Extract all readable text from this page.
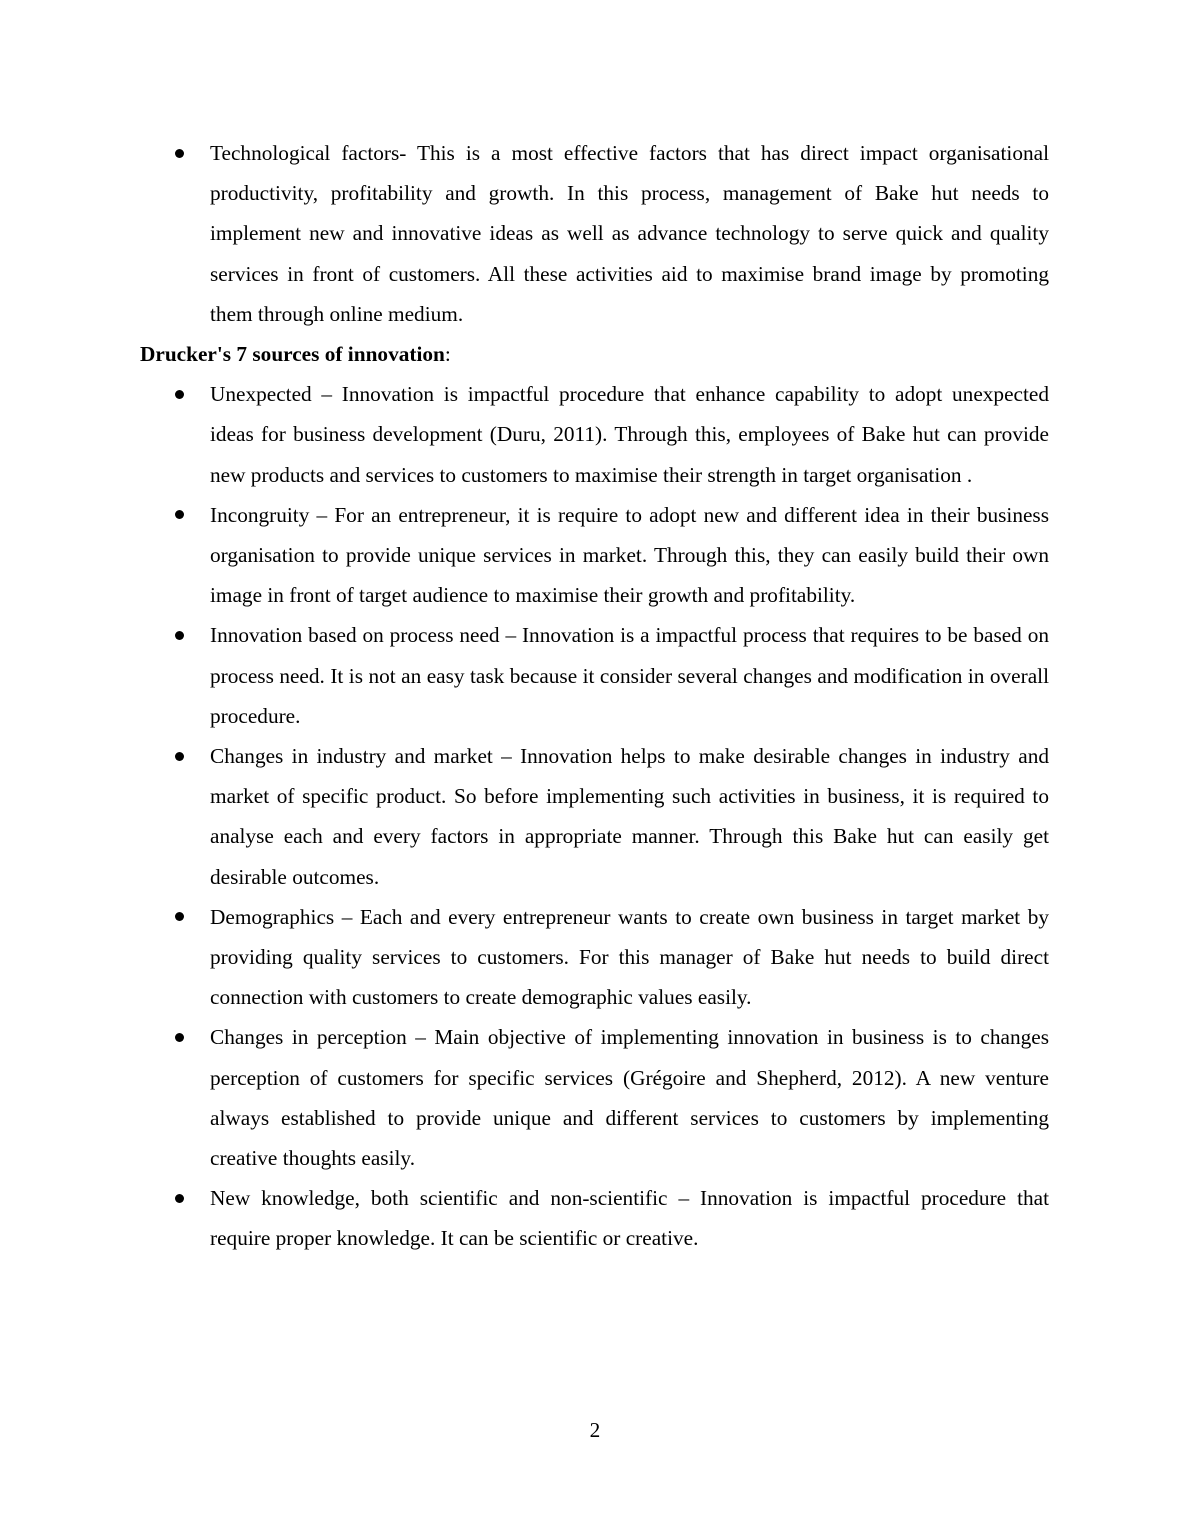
Technological factors- This is a most effective factors that has direct impact organisational productivity, profitability and growth. In this process, management of Bake hut needs to implement new and innovative ideas as well as advance technology to serve quick and quality services in front of customers. All these activities aid to maximise brand image by promoting them through online medium.

Drucker's 7 sources of innovation:

Unexpected – Innovation is impactful procedure that enhance capability to adopt unexpected ideas for business development (Duru, 2011). Through this, employees of Bake hut can provide new products and services to customers to maximise their strength in target organisation .
Incongruity – For an entrepreneur, it is require to adopt new and different idea in their business organisation to provide unique services in market. Through this, they can easily build their own image in front of target audience to maximise their growth and profitability.
Innovation based on process need – Innovation is a impactful process that requires to be based on process need. It is not an easy task because it consider several changes and modification in overall procedure.
Changes in industry and market – Innovation helps to make desirable changes in industry and market of specific product. So before implementing such activities in business, it is required to analyse each and every factors in appropriate manner. Through this Bake hut can easily get desirable outcomes.
Demographics – Each and every entrepreneur wants to create own business in target market by providing quality services to customers. For this manager of Bake hut needs to build direct connection with customers to create demographic values easily.
Changes in perception – Main objective of implementing innovation in business is to changes perception of customers for specific services (Grégoire and Shepherd, 2012). A new venture always established to provide unique and different services to customers by implementing creative thoughts easily.
New knowledge, both scientific and non-scientific – Innovation is impactful procedure that require proper knowledge. It can be scientific or creative.
2
